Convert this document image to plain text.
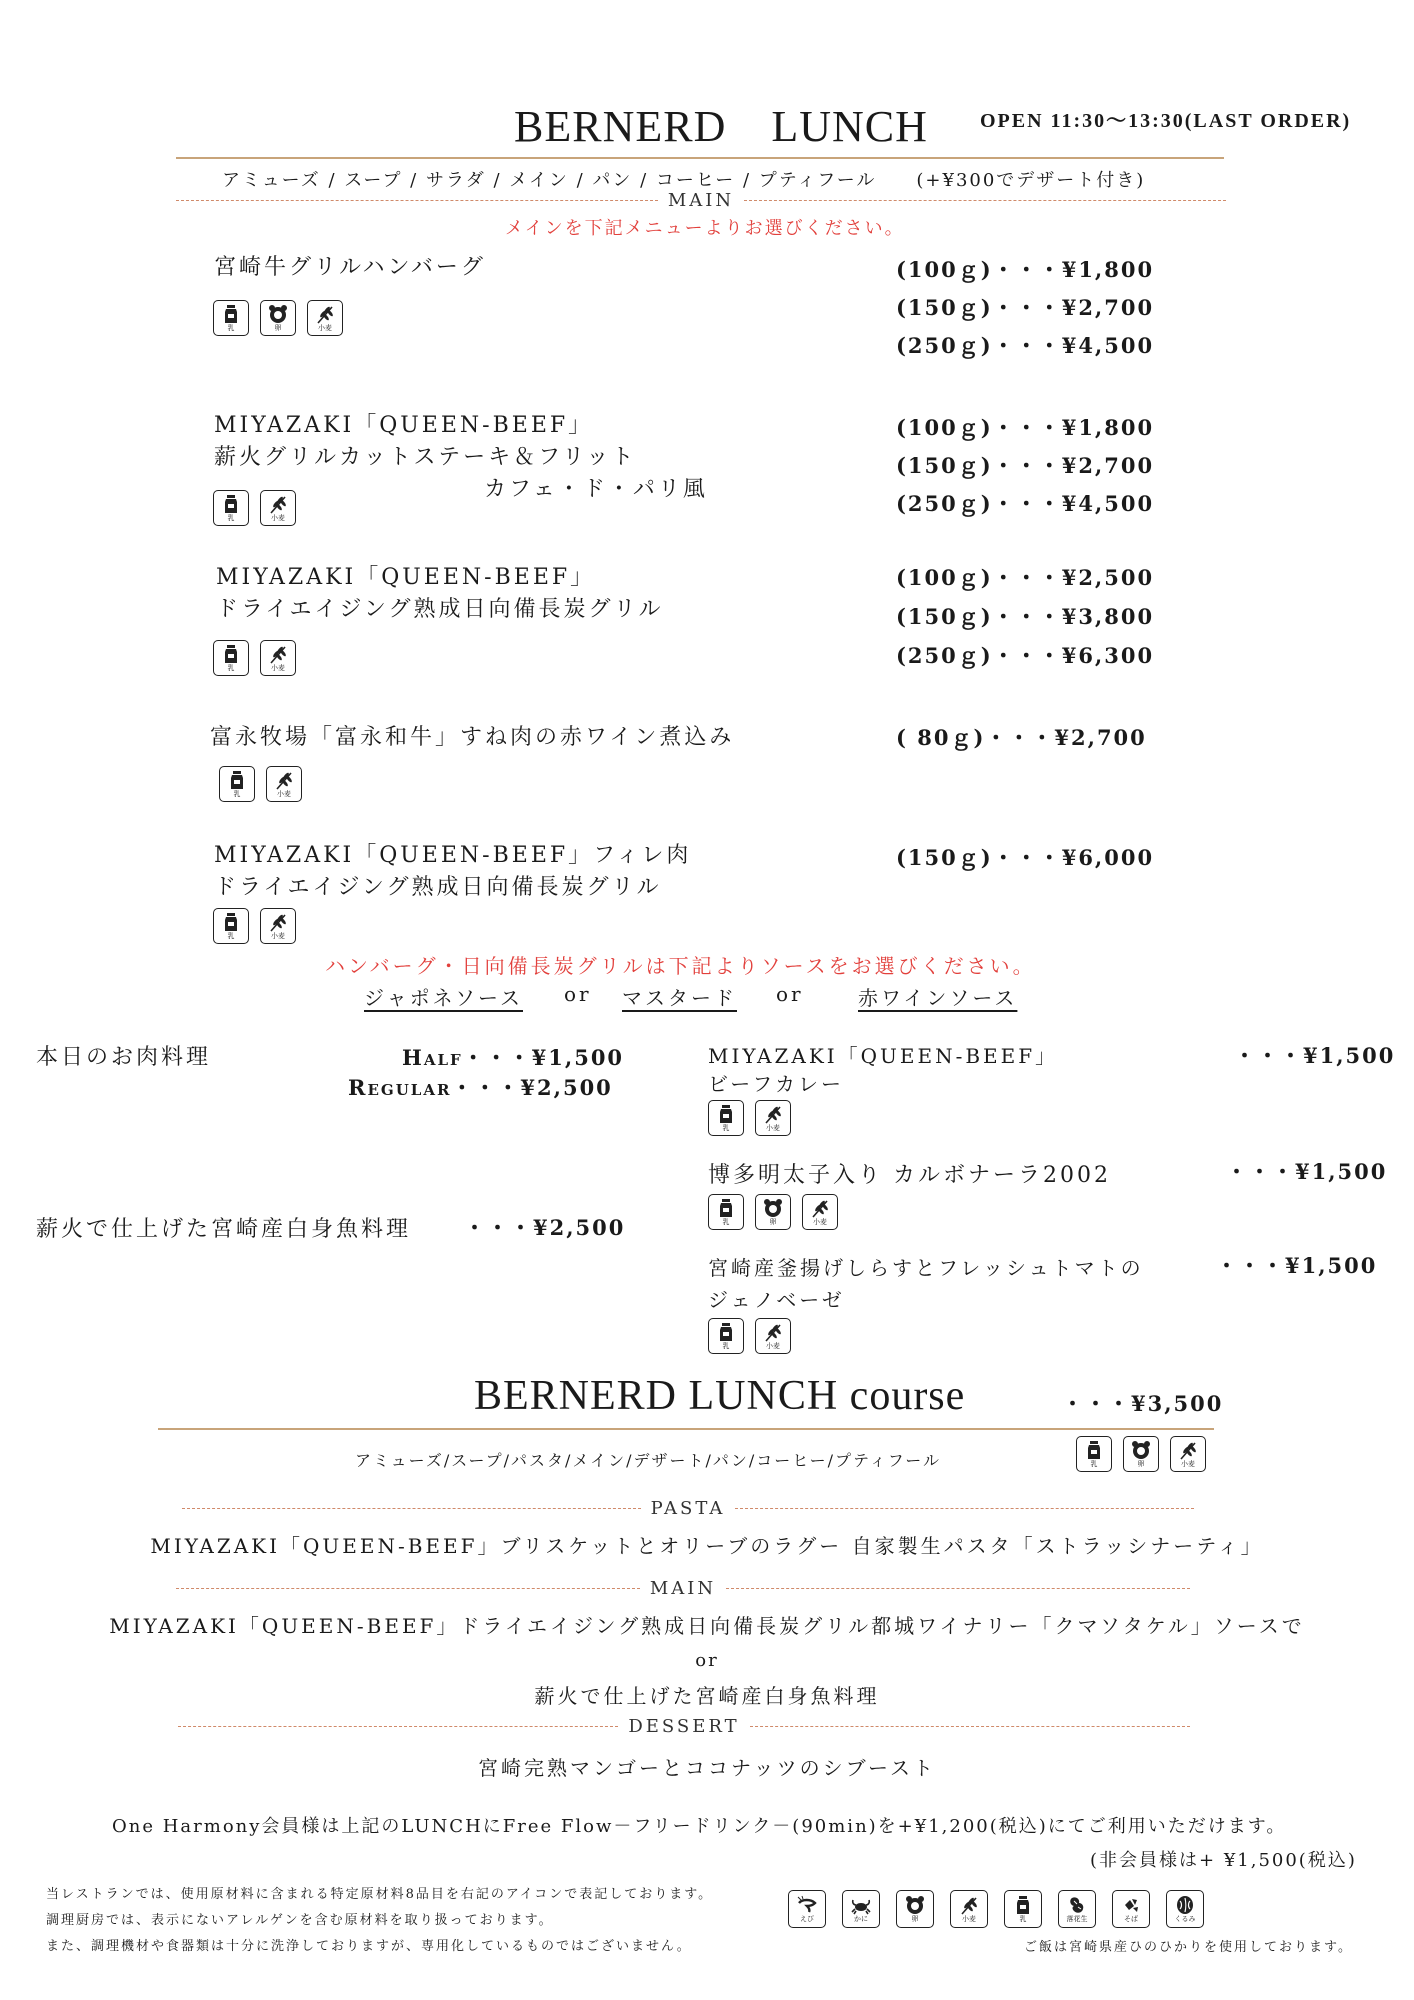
BERNERD　LUNCH	OPEN 11:30〜13:30(LAST ORDER)
アミューズ / スープ / サラダ / メイン / パン / コーヒー / プティフール　　(+¥300でデザート付き)
MAIN
メインを下記メニューよりお選びください。
宮崎牛グリルハンバーグ
乳	卵	小麦
(100ｇ)・・・¥1,800
(150ｇ)・・・¥2,700
(250ｇ)・・・¥4,500
MIYAZAKI「QUEEN-BEEF」
薪火グリルカットステーキ＆フリット
カフェ・ド・パリ風
乳	小麦
(100ｇ)・・・¥1,800
(150ｇ)・・・¥2,700
(250ｇ)・・・¥4,500
MIYAZAKI「QUEEN-BEEF」
ドライエイジング熟成日向備長炭グリル
乳	小麦
(100ｇ)・・・¥2,500
(150ｇ)・・・¥3,800
(250ｇ)・・・¥6,300
富永牧場「富永和牛」すね肉の赤ワイン煮込み
乳	小麦
( 80ｇ)・・・¥2,700
MIYAZAKI「QUEEN-BEEF」フィレ肉
ドライエイジング熟成日向備長炭グリル
乳	小麦
(150ｇ)・・・¥6,000
ハンバーグ・日向備長炭グリルは下記よりソースをお選びください。
ジャポネソース or マスタード or	赤ワインソース
本日のお肉料理	Half・・・¥1,500
Regular・・・¥2,500
薪火で仕上げた宮崎産白身魚料理	・・・¥2,500
MIYAZAKI「QUEEN-BEEF」
ビーフカレー
・・・¥1,500
乳	小麦
博多明太子入り カルボナーラ2002	・・・¥1,500
乳	卵	小麦
宮崎産釜揚げしらすとフレッシュトマトの
ジェノベーゼ
・・・¥1,500
乳	小麦
BERNERD LUNCH course	・・・¥3,500
アミューズ/スープ/パスタ/メイン/デザート/パン/コーヒー/プティフール	乳	卵	小麦
PASTA
MIYAZAKI「QUEEN-BEEF」ブリスケットとオリーブのラグー 自家製生パスタ「ストラッシナーティ」
MAIN
MIYAZAKI「QUEEN-BEEF」ドライエイジング熟成日向備長炭グリル都城ワイナリー「クマソタケル」ソースで
or
薪火で仕上げた宮崎産白身魚料理
DESSERT
宮崎完熟マンゴーとココナッツのシブースト
One Harmony会員様は上記のLUNCHにFree Flow－フリードリンク－(90min)を+¥1,200(税込)にてご利用いただけます。
(非会員様は+ ¥1,500(税込)
当レストランでは、使用原材料に含まれる特定原材料8品目を右記のアイコンで表記しております。
調理厨房では、表示にないアレルゲンを含む原材料を取り扱っております。
また、調理機材や食器類は十分に洗浄しておりますが、専用化しているものではございません。
えび	かに	卵	小麦	乳	落花生	そば	くるみ
ご飯は宮崎県産ひのひかりを使用しております。
